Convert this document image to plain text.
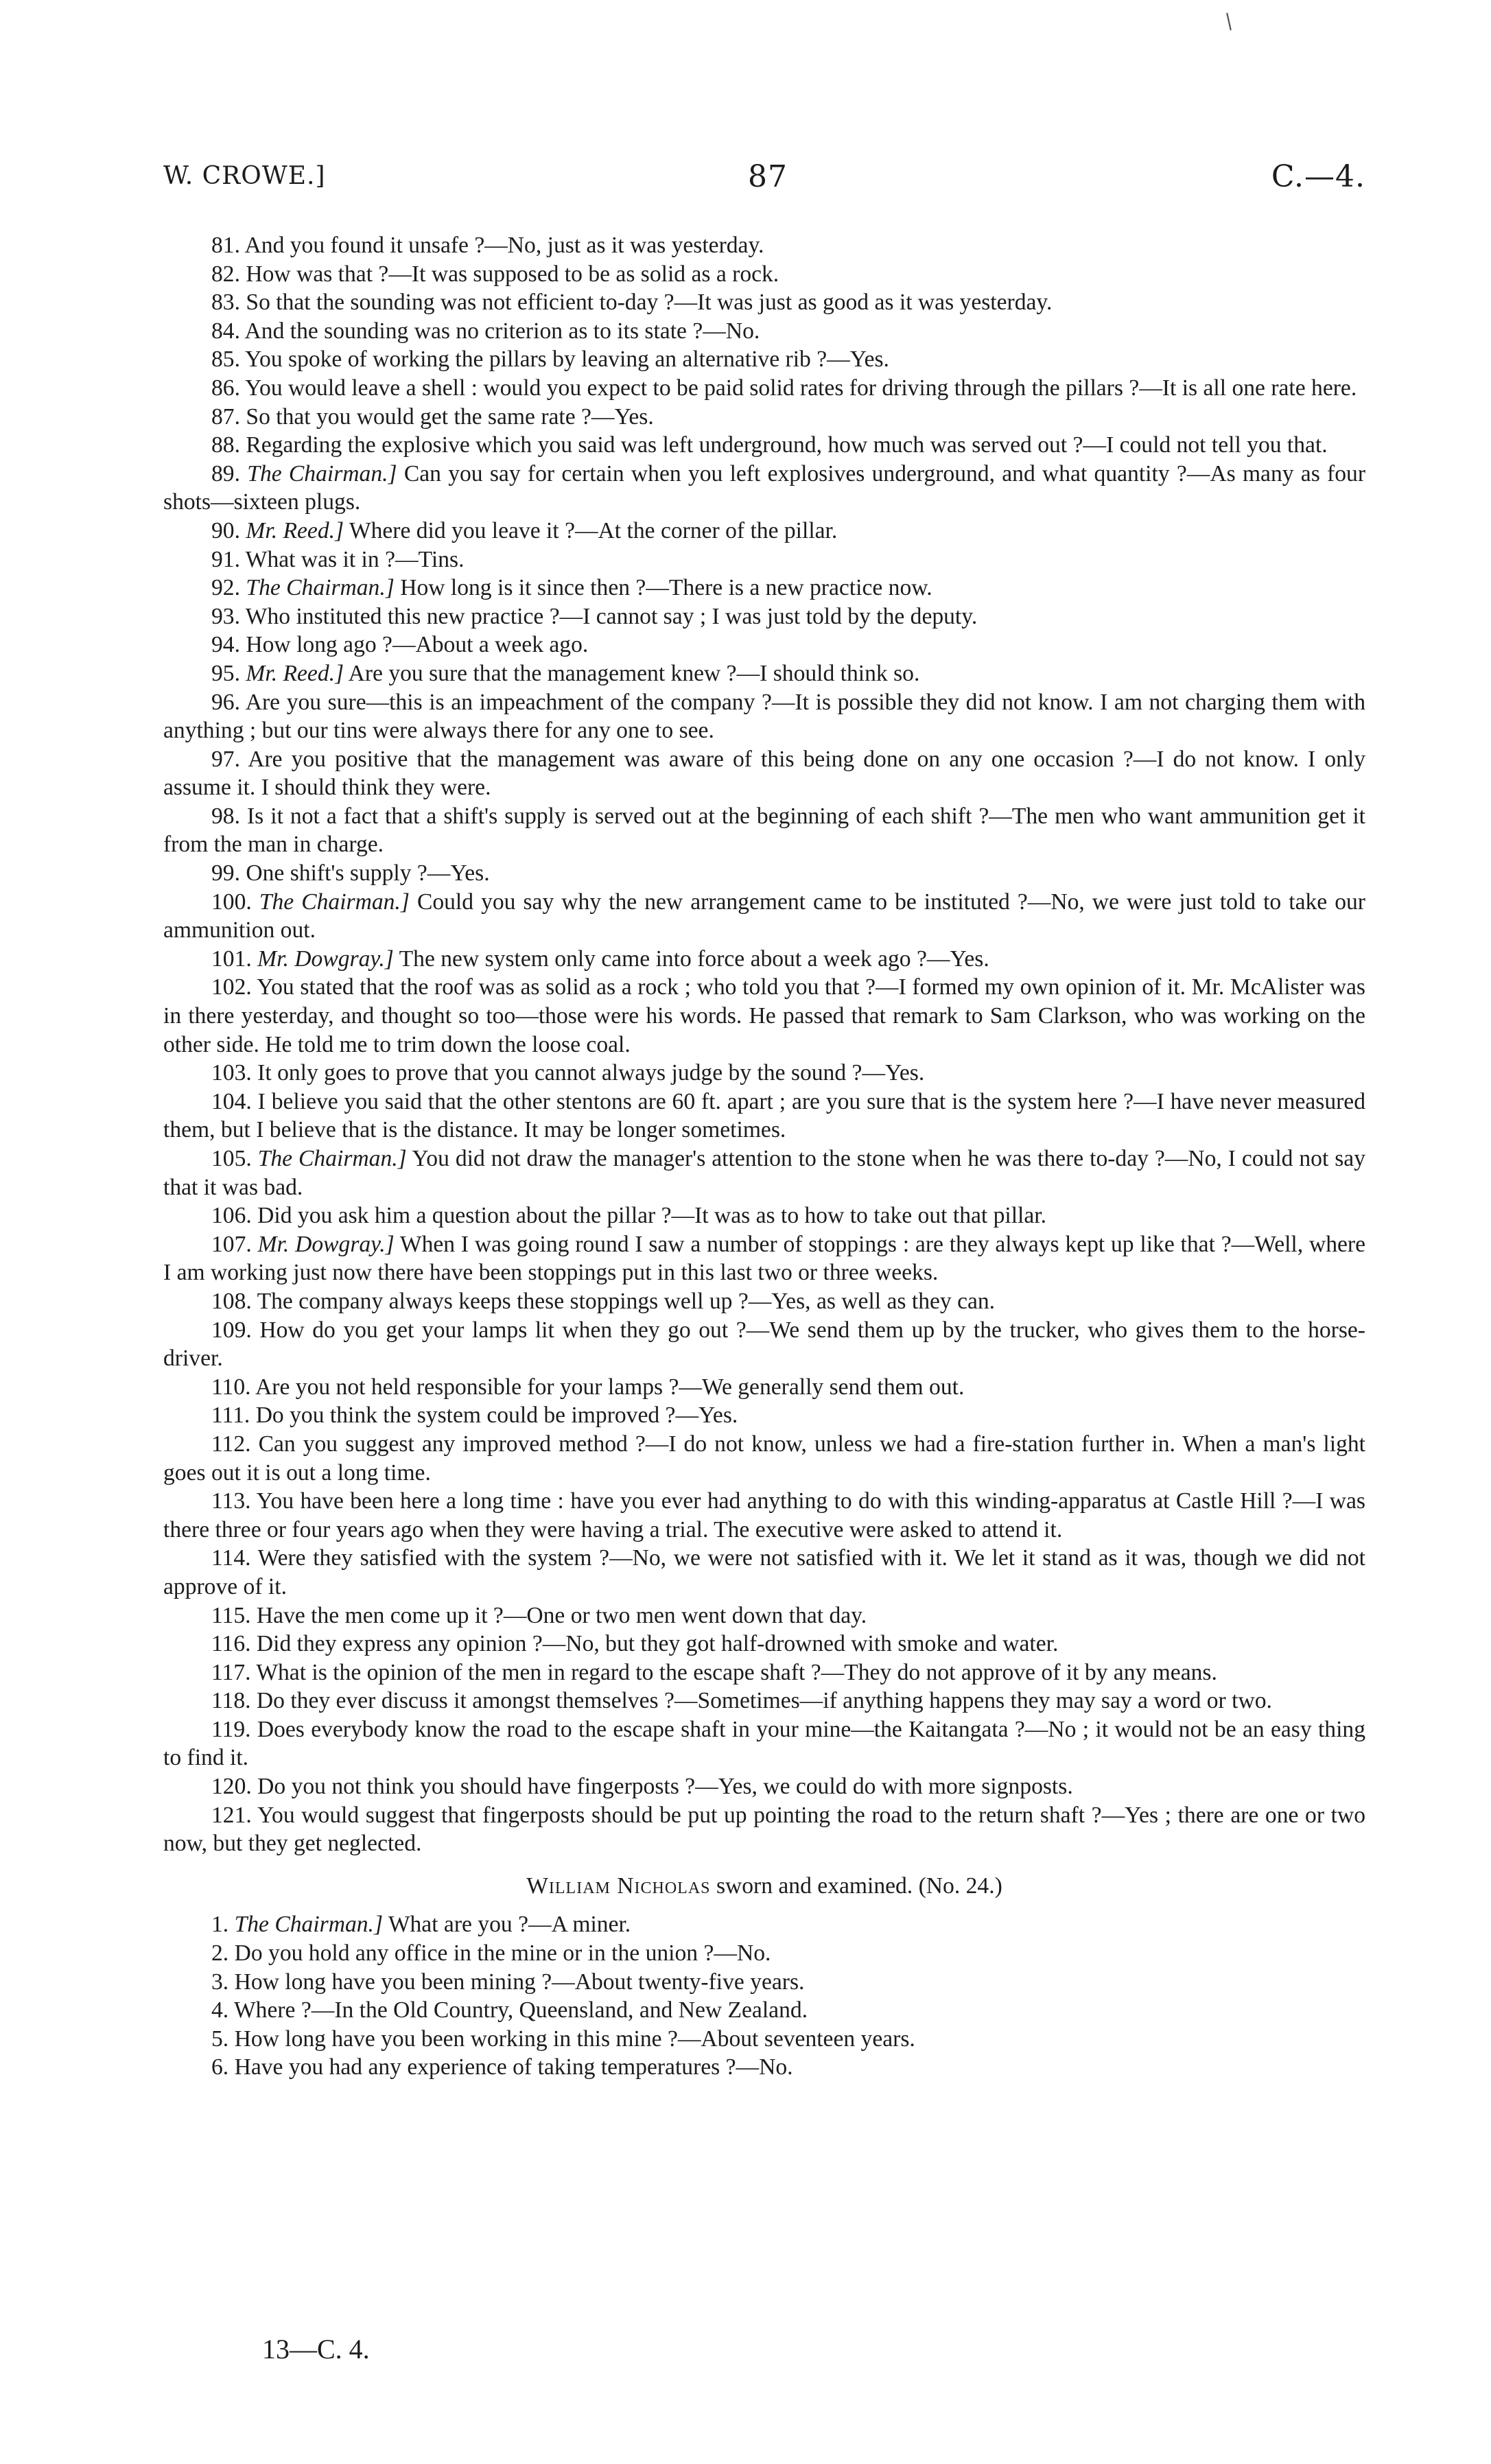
/
W. CROWE.]	87	C.—4.

81. And you found it unsafe ?—No, just as it was yesterday.

82. How was that ?—It was supposed to be as solid as a rock.

83. So that the sounding was not efficient to-day ?—It was just as good as it was yesterday.

84. And the sounding was no criterion as to its state ?—No.

85. You spoke of working the pillars by leaving an alternative rib ?—Yes.

86. You would leave a shell : would you expect to be paid solid rates for driving through the pillars ?—It is all one rate here.

87. So that you would get the same rate ?—Yes.

88. Regarding the explosive which you said was left underground, how much was served out ?—I could not tell you that.

89. The Chairman.] Can you say for certain when you left explosives underground, and what quantity ?—As many as four shots—sixteen plugs.

90. Mr. Reed.] Where did you leave it ?—At the corner of the pillar.

91. What was it in ?—Tins.

92. The Chairman.] How long is it since then ?—There is a new practice now.

93. Who instituted this new practice ?—I cannot say ; I was just told by the deputy.

94. How long ago ?—About a week ago.

95. Mr. Reed.] Are you sure that the management knew ?—I should think so.

96. Are you sure—this is an impeachment of the company ?—It is possible they did not know. I am not charging them with anything ; but our tins were always there for any one to see.

97. Are you positive that the management was aware of this being done on any one occasion ?—I do not know. I only assume it. I should think they were.

98. Is it not a fact that a shift's supply is served out at the beginning of each shift ?—The men who want ammunition get it from the man in charge.

99. One shift's supply ?—Yes.

100. The Chairman.] Could you say why the new arrangement came to be instituted ?—No, we were just told to take our ammunition out.

101. Mr. Dowgray.] The new system only came into force about a week ago ?—Yes.

102. You stated that the roof was as solid as a rock ; who told you that ?—I formed my own opinion of it. Mr. McAlister was in there yesterday, and thought so too—those were his words. He passed that remark to Sam Clarkson, who was working on the other side. He told me to trim down the loose coal.

103. It only goes to prove that you cannot always judge by the sound ?—Yes.

104. I believe you said that the other stentons are 60 ft. apart ; are you sure that is the system here ?—I have never measured them, but I believe that is the distance. It may be longer sometimes.

105. The Chairman.] You did not draw the manager's attention to the stone when he was there to-day ?—No, I could not say that it was bad.

106. Did you ask him a question about the pillar ?—It was as to how to take out that pillar.

107. Mr. Dowgray.] When I was going round I saw a number of stoppings : are they always kept up like that ?—Well, where I am working just now there have been stoppings put in this last two or three weeks.

108. The company always keeps these stoppings well up ?—Yes, as well as they can.

109. How do you get your lamps lit when they go out ?—We send them up by the trucker, who gives them to the horse-driver.

110. Are you not held responsible for your lamps ?—We generally send them out.

111. Do you think the system could be improved ?—Yes.

112. Can you suggest any improved method ?—I do not know, unless we had a fire-station further in. When a man's light goes out it is out a long time.

113. You have been here a long time : have you ever had anything to do with this winding-apparatus at Castle Hill ?—I was there three or four years ago when they were having a trial. The executive were asked to attend it.

114. Were they satisfied with the system ?—No, we were not satisfied with it. We let it stand as it was, though we did not approve of it.

115. Have the men come up it ?—One or two men went down that day.

116. Did they express any opinion ?—No, but they got half-drowned with smoke and water.

117. What is the opinion of the men in regard to the escape shaft ?—They do not approve of it by any means.

118. Do they ever discuss it amongst themselves ?—Sometimes—if anything happens they may say a word or two.

119. Does everybody know the road to the escape shaft in your mine—the Kaitangata ?—No ; it would not be an easy thing to find it.

120. Do you not think you should have fingerposts ?—Yes, we could do with more signposts.

121. You would suggest that fingerposts should be put up pointing the road to the return shaft ?—Yes ; there are one or two now, but they get neglected.

William Nicholas sworn and examined. (No. 24.)

1. The Chairman.] What are you ?—A miner.

2. Do you hold any office in the mine or in the union ?—No.

3. How long have you been mining ?—About twenty-five years.

4. Where ?—In the Old Country, Queensland, and New Zealand.

5. How long have you been working in this mine ?—About seventeen years.

6. Have you had any experience of taking temperatures ?—No.

13—C. 4.
